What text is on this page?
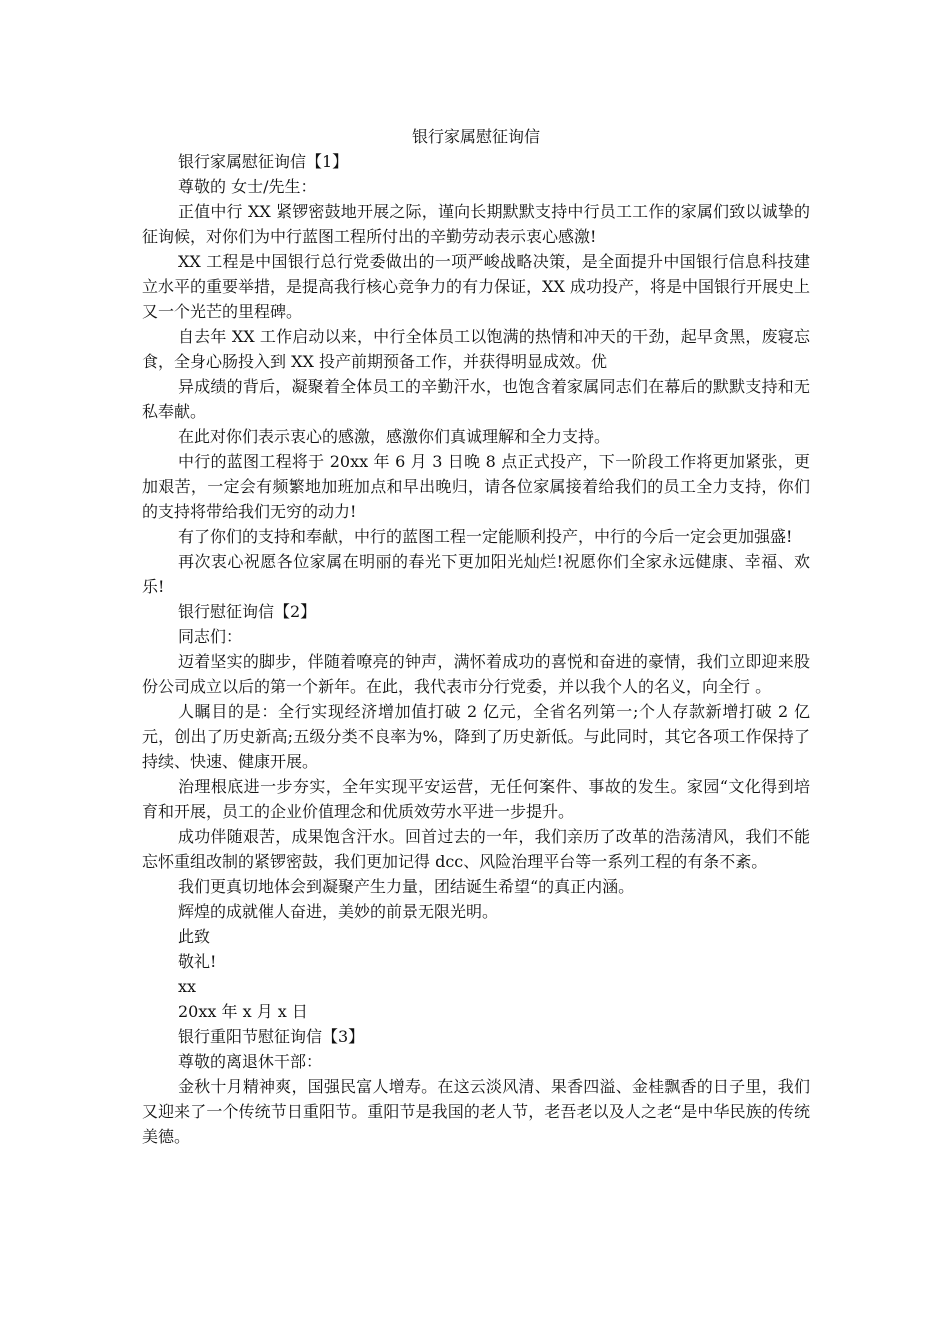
银行家属慰征询信

银行家属慰征询信【1】

尊敬的 女士/先生：

正值中行 XX 紧锣密鼓地开展之际，谨向长期默默支持中行员工工作的家属们致以诚挚的征询候，对你们为中行蓝图工程所付出的辛勤劳动表示衷心感激!

XX 工程是中国银行总行党委做出的一项严峻战略决策，是全面提升中国银行信息科技建立水平的重要举措，是提高我行核心竞争力的有力保证，XX 成功投产，将是中国银行开展史上又一个光芒的里程碑。

自去年 XX 工作启动以来，中行全体员工以饱满的热情和冲天的干劲，起早贪黑，废寝忘食，全身心肠投入到 XX 投产前期预备工作，并获得明显成效。优

异成绩的背后，凝聚着全体员工的辛勤汗水，也饱含着家属同志们在幕后的默默支持和无私奉献。

在此对你们表示衷心的感激，感激你们真诚理解和全力支持。

中行的蓝图工程将于 20xx 年 6 月 3 日晚 8 点正式投产，下一阶段工作将更加紧张，更加艰苦，一定会有频繁地加班加点和早出晚归，请各位家属接着给我们的员工全力支持，你们的支持将带给我们无穷的动力!

有了你们的支持和奉献，中行的蓝图工程一定能顺利投产，中行的今后一定会更加强盛!

再次衷心祝愿各位家属在明丽的春光下更加阳光灿烂!祝愿你们全家永远健康、幸福、欢乐!

银行慰征询信【2】

同志们：

迈着坚实的脚步，伴随着嘹亮的钟声，满怀着成功的喜悦和奋进的豪情，我们立即迎来股份公司成立以后的第一个新年。在此，我代表市分行党委，并以我个人的名义，向全行 。

人瞩目的是：全行实现经济增加值打破 2 亿元，全省名列第一;个人存款新增打破 2 亿元，创出了历史新高;五级分类不良率为%，降到了历史新低。与此同时，其它各项工作保持了持续、快速、健康开展。

治理根底进一步夯实，全年实现平安运营，无任何案件、事故的发生。家园“文化得到培育和开展，员工的企业价值理念和优质效劳水平进一步提升。

成功伴随艰苦，成果饱含汗水。回首过去的一年，我们亲历了改革的浩荡清风，我们不能忘怀重组改制的紧锣密鼓，我们更加记得 dcc、风险治理平台等一系列工程的有条不紊。

我们更真切地体会到凝聚产生力量，团结诞生希望“的真正内涵。

辉煌的成就催人奋进，美妙的前景无限光明。

此致

敬礼!

xx

20xx 年 x 月 x 日

银行重阳节慰征询信【3】

尊敬的离退休干部：

金秋十月精神爽，国强民富人增寿。在这云淡风清、果香四溢、金桂飘香的日子里，我们又迎来了一个传统节日重阳节。重阳节是我国的老人节，老吾老以及人之老“是中华民族的传统美德。
